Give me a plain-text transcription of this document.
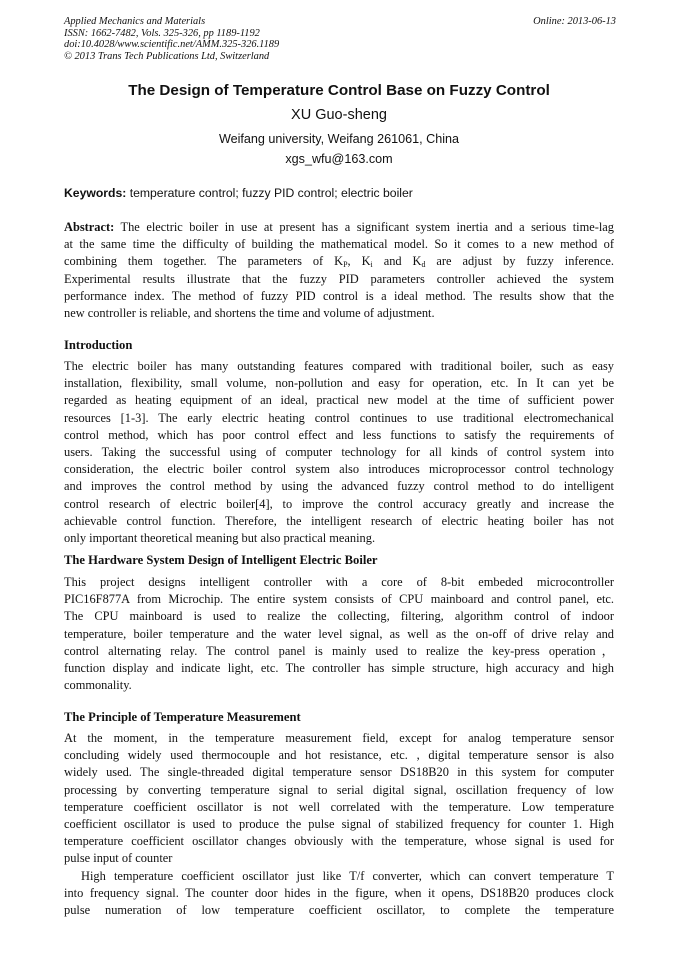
Applied Mechanics and Materials
ISSN: 1662-7482, Vols. 325-326, pp 1189-1192
doi:10.4028/www.scientific.net/AMM.325-326.1189
© 2013 Trans Tech Publications Ltd, Switzerland
Online: 2013-06-13
The Design of Temperature Control Base on Fuzzy Control
XU Guo-sheng
Weifang university, Weifang 261061, China
xgs_wfu@163.com
Keywords: temperature control; fuzzy PID control; electric boiler
Abstract: The electric boiler in use at present has a significant system inertia and a serious time-lag
at the same time the difficulty of building the mathematical model. So it comes to a new method of
combining them together. The parameters of $K_P$, $K_i$ and $K_d$ are adjust by fuzzy inference.
Experimental results illustrate that the fuzzy PID parameters controller achieved the system
performance index. The method of fuzzy PID control is a ideal method. The results show that the
new controller is reliable, and shortens the time and volume of adjustment.
Introduction
The electric boiler has many outstanding features compared with traditional boiler, such as easy
installation, flexibility, small volume, non-pollution and easy for operation, etc. In It can yet be
regarded as heating equipment of an ideal, practical new model at the time of sufficient power
resources [1-3]. The early electric heating control continues to use traditional electromechanical
control method, which has poor control effect and less functions to satisfy the requirements of
users. Taking the successful using of computer technology for all kinds of control system into
consideration, the electric boiler control system also introduces microprocessor control technology
and improves the control method by using the advanced fuzzy control method to do intelligent
control research of electric boiler[4], to improve the control accuracy greatly and increase the
achievable control function. Therefore, the intelligent research of electric heating boiler has not
only important theoretical meaning but also practical meaning.
The Hardware System Design of Intelligent Electric Boiler
This project designs intelligent controller with a core of 8-bit embeded microcontroller
PIC16F877A from Microchip. The entire system consists of CPU mainboard and control panel, etc.
The CPU mainboard is used to realize the collecting, filtering, algorithm control of indoor
temperature, boiler temperature and the water level signal, as well as the on-off of drive relay and
control alternating relay. The control panel is mainly used to realize the key-press operation，
function display and indicate light, etc. The controller has simple structure, high accuracy and high
commonality.
The Principle of Temperature Measurement
At the moment, in the temperature measurement field, except for analog temperature sensor
concluding widely used thermocouple and hot resistance, etc. , digital temperature sensor is also
widely used. The single-threaded digital temperature sensor DS18B20 in this system for computer
processing by converting temperature signal to serial digital signal, oscillation frequency of low
temperature coefficient oscillator is not well correlated with the temperature. Low temperature
coefficient oscillator is used to produce the pulse signal of stabilized frequency for counter 1. High
temperature coefficient oscillator changes obviously with the temperature, whose signal is used for
pulse input of counter
High temperature coefficient oscillator just like T/f converter, which can convert temperature T
into frequency signal. The counter door hides in the figure, when it opens, DS18B20 produces clock
pulse numeration of low temperature coefficient oscillator, to complete the temperature
